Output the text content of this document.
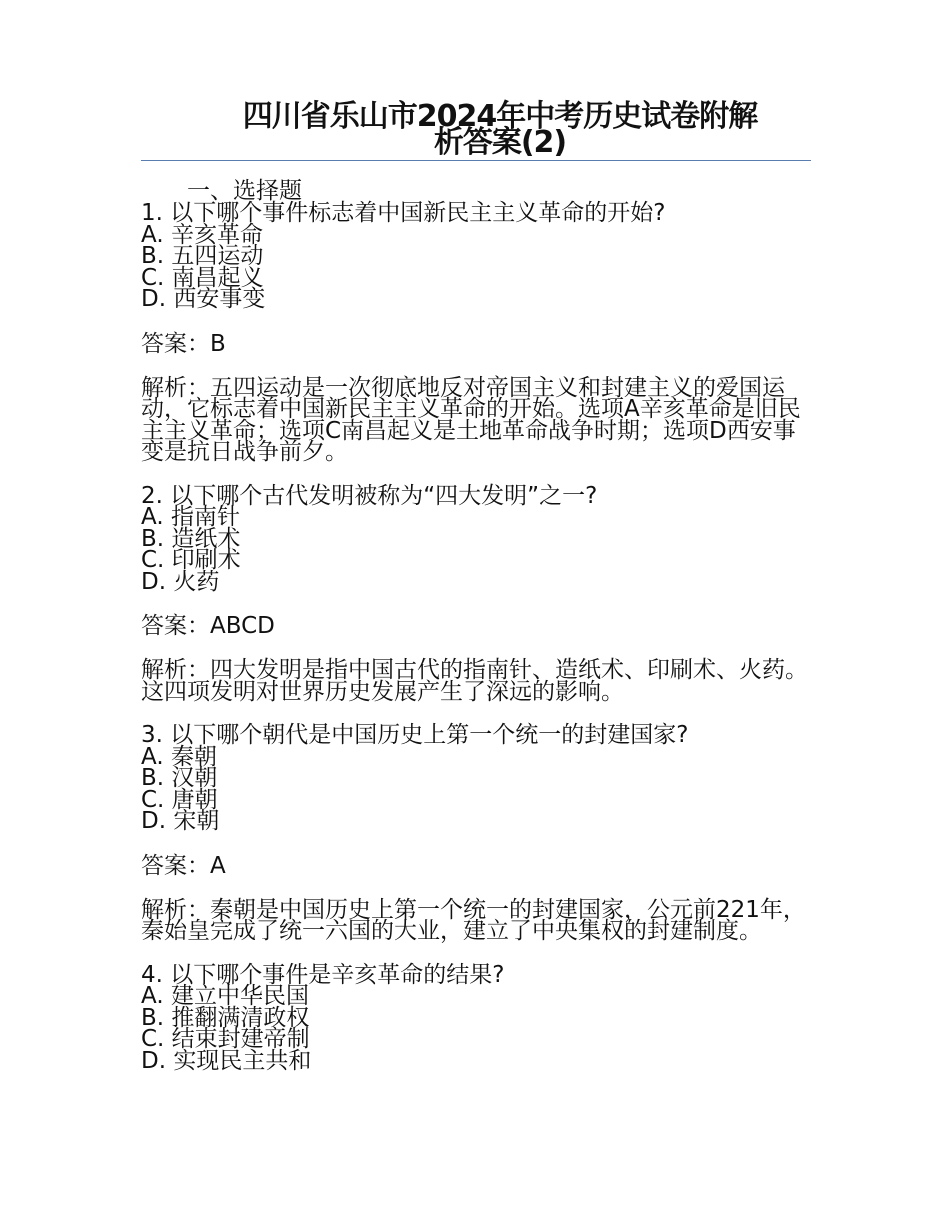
四川省乐山市2024年中考历史试卷附解
析答案(2)
一、选择题
1. 以下哪个事件标志着中国新民主主义革命的开始?
A. 辛亥革命
B. 五四运动
C. 南昌起义
D. 西安事变
答案：B
解析：五四运动是一次彻底地反对帝国主义和封建主义的爱国运动，它标志着中国新民主主义革命的开始。选项A辛亥革命是旧民主主义革命；选项C南昌起义是土地革命战争时期；选项D西安事变是抗日战争前夕。
2. 以下哪个古代发明被称为“四大发明”之一?
A. 指南针
B. 造纸术
C. 印刷术
D. 火药
答案：ABCD
解析：四大发明是指中国古代的指南针、造纸术、印刷术、火药。这四项发明对世界历史发展产生了深远的影响。
3. 以下哪个朝代是中国历史上第一个统一的封建国家?
A. 秦朝
B. 汉朝
C. 唐朝
D. 宋朝
答案：A
解析：秦朝是中国历史上第一个统一的封建国家，公元前221年，秦始皇完成了统一六国的大业，建立了中央集权的封建制度。
4. 以下哪个事件是辛亥革命的结果?
A. 建立中华民国
B. 推翻满清政权
C. 结束封建帝制
D. 实现民主共和
